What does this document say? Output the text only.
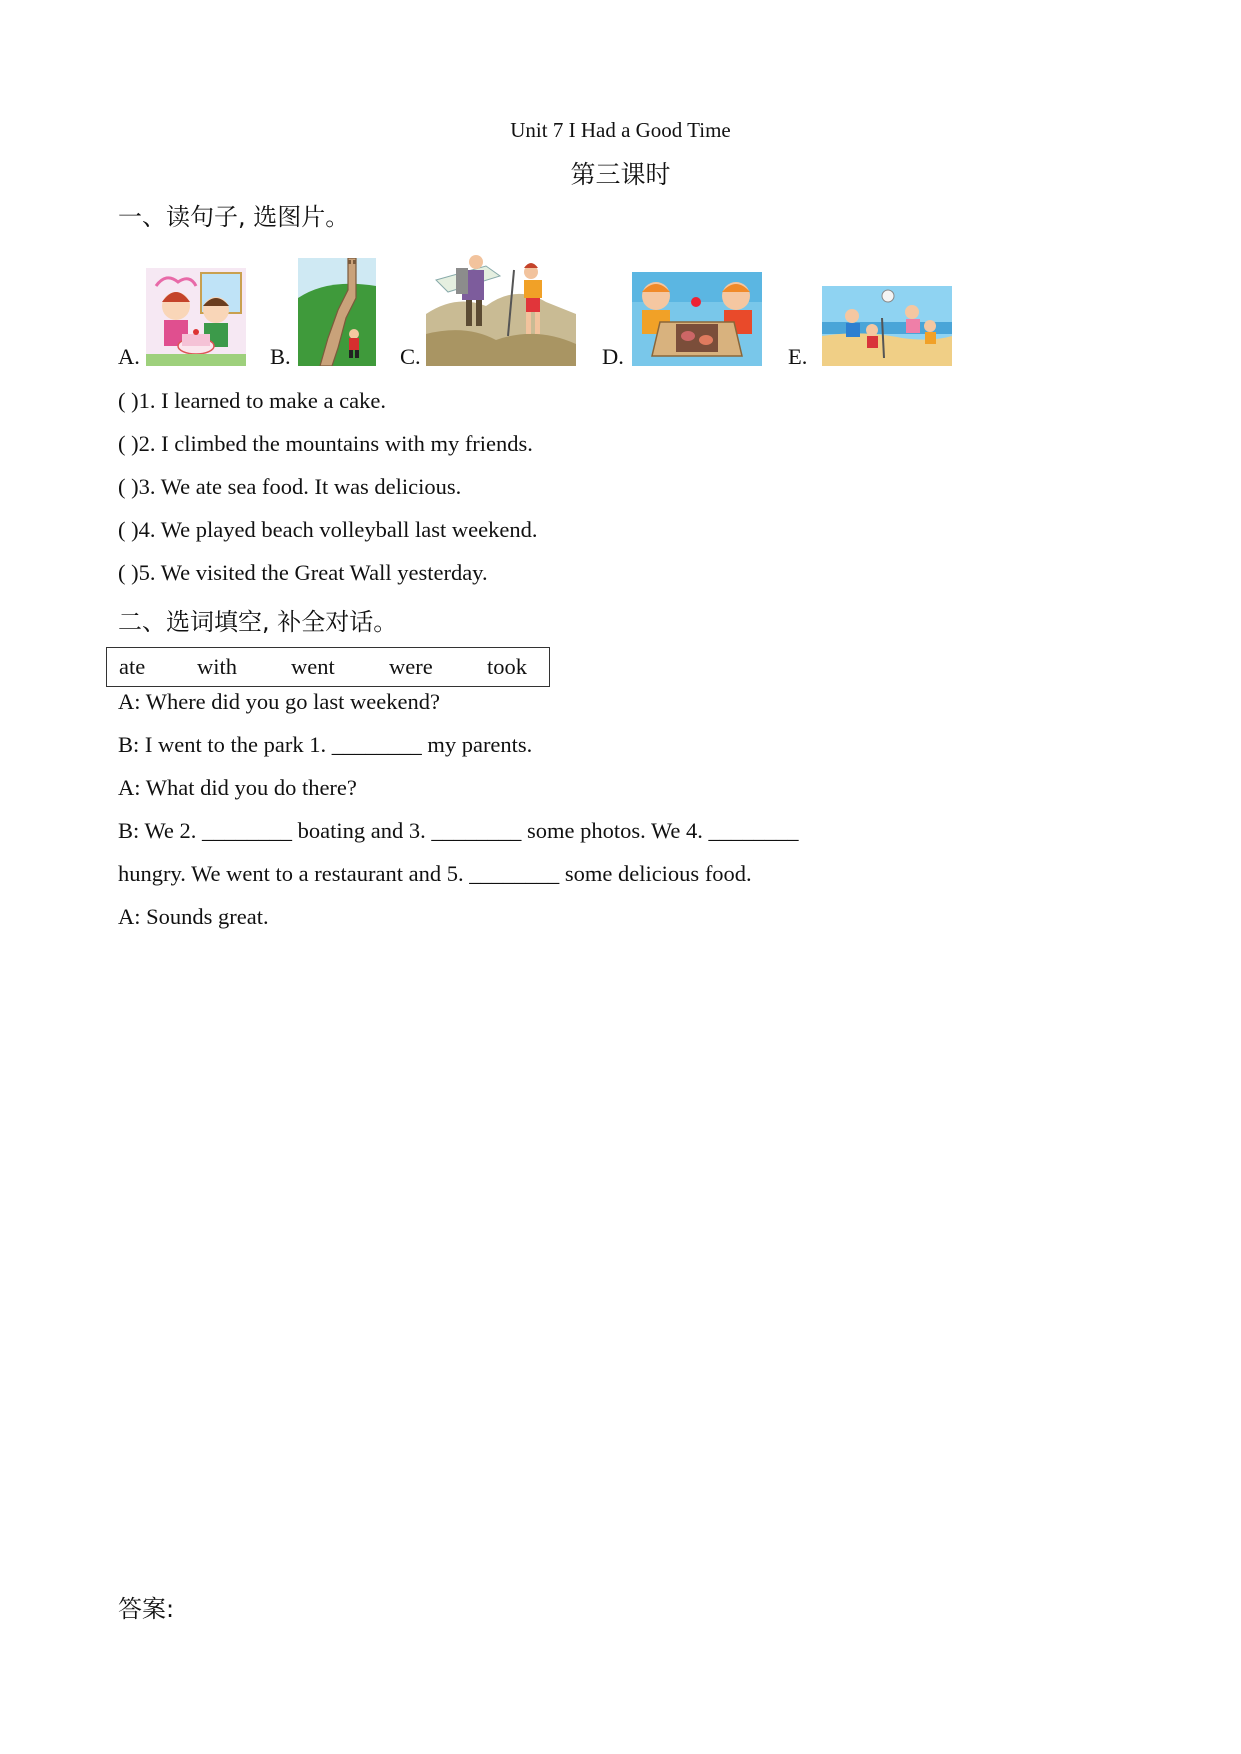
Unit 7 I Had a Good Time
第三课时
一、读句子, 选图片。
A.	B.	C.	D.	E.
( )1. I learned to make a cake.
( )2. I climbed the mountains with my friends.
( )3. We ate sea food. It was delicious.
( )4. We played beach volleyball last weekend.
( )5. We visited the Great Wall yesterday.
二、选词填空, 补全对话。
ate with went were took
A: Where did you go last weekend?
B: I went to the park 1. ________ my parents.
A: What did you do there?
B: We 2. ________ boating and 3. ________ some photos. We 4. ________
hungry. We went to a restaurant and 5. ________ some delicious food.
A: Sounds great.
答案:
